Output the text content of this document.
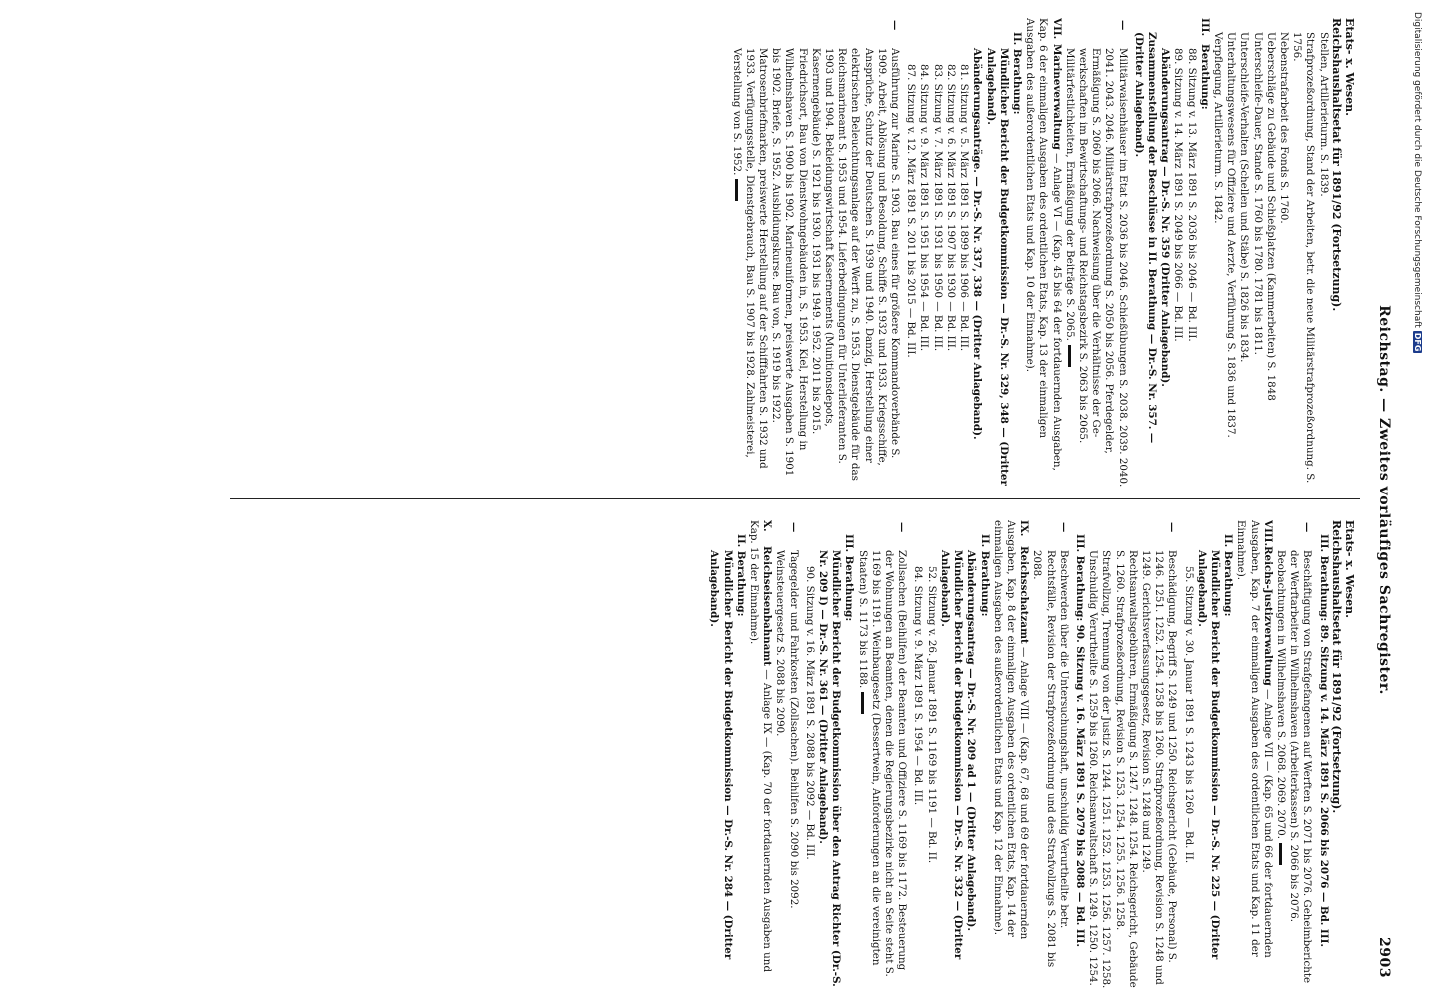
Reichstag. — Zweites vorläufiges Sachregister.
2903

Etats- x. Wesen.

Reichshaushaltsetat für 1891/92 (Fortsetzung).

Stellen, Artillerieturm. S. 1839.

Strafprozeßordnung, Stand der Arbeiten, betr. die neue Militärstrafprozeßordnung. S. 1756.

Nebenstrafarbeit des Fonds S. 1760.

Ueberschläge zu Gebäude und Schießplatzen (Kammerbeiten) S. 1848

Unterschleife-Dauer, Stande S. 1760 bis 1780. 1781 bis 1811.

Unterschleife-Verhalten (Schellen und Stäbe) S. 1826 bis 1834.

Unterhaltungswesens für Offiziere und Aerzte, Verführung S. 1836 und 1837.

Verpflegung, Artillerieturm. S. 1842.

III.Berathung:

88. Sitzung v. 13. März 1891 S. 2036 bis 2046 — Bd. III.

89. Sitzung v. 14. März 1891 S. 2049 bis 2066 — Bd. III.

Abänderungsantrag — Dr.-S. Nr. 359 (Dritter Anlageband).

Zusammenstellung der Beschlüsse in II. Berathung — Dr.-S. Nr. 357. — (Dritter Anlageband).

—
Militärwaisenhäuser im Etat S. 2036 bis 2046. Schießübungen S. 2038. 2039. 2040. 2041. 2043. 2046. Militärstrafprozeßordnung S. 2050 bis 2056. Pferdegelder, Ermäßigung S. 2060 bis 2066. Nachweisung über die Verhältnisse der Gewerkschaften im Bewirtschaftungs- und Reichstagsbezirk S. 2063 bis 2065. Militärfestlichkeiten, Ermäßigung der Beiträge S. 2065.

VII.Marineverwaltung — Anlage VI — (Kap. 45 bis 64 der fortdauernden Ausgaben, Kap. 6 der einmaligen Ausgaben des ordentlichen Etats, Kap. 13 der einmaligen Ausgaben des außerordentlichen Etats und Kap. 10 der Einnahme).

II. Berathung:

Mündlicher Bericht der Budgetkommission — Dr.-S. Nr. 329, 348 — (Dritter Anlageband).

Abänderungsanträge. — Dr.-S. Nr. 337, 338 — (Dritter Anlageband).

81. Sitzung v. 5. März 1891 S. 1899 bis 1906 — Bd. III.

82. Sitzung v. 6. März 1891 S. 1907 bis 1930 — Bd. III.

83. Sitzung v. 7. März 1891 S. 1931 bis 1950 — Bd. III.

84. Sitzung v. 9. März 1891 S. 1951 bis 1954 — Bd. III.

87. Sitzung v. 12. März 1891 S. 2011 bis 2015 — Bd. III.

—
Ausführung zur Marine S. 1903. Bau eines für größere Kommandoverbände S. 1909. Arbeit, Ablösung und Besoldung, Schiffe S. 1932 und 1933. Kriegsschiffe, Ansprüche, Schutz der Deutschen S. 1939 und 1940. Danzig, Herstellung einer elektrischen Beleuchtungsanlage auf der Werft zu, S. 1953. Dienstgebäude für das Reichsmarineamt S. 1953 und 1954. Lieferbedingungen für Unterlieferanten S. 1903 und 1904. Bekleidungswirtschaft Kasernements (Munitionsdepots, Kasernengebäude) S. 1921 bis 1930. 1931 bis 1949. 1952. 2011 bis 2015. Friedrichsort, Bau von Dienstwohngebäuden in, S. 1953. Kiel, Herstellung in Wilhelmshaven S. 1900 bis 1902. Marineuniformen, preiswerte Ausgaben S. 1901 bis 1902. Briefe, S. 1952. Ausbildungskurse. Bau von, S. 1919 bis 1922. Matrosenbriefmarken, preiswerte Herstellung auf der Schifffahrten S. 1932 und 1933. Verfügungsstelle, Dienstgebrauch, Bau S. 1907 bis 1928. Zahlmeisterei, Verstellung von S. 1952.

Etats- x. Wesen.

Reichshaushaltsetat für 1891/92 (Fortsetzung).

III. Berathung: 89. Sitzung v. 14. März 1891 S. 2066 bis 2076 — Bd. III.

—
Beschäftigung von Strafgefangenen auf Werften S. 2071 bis 2076. Geheimberichte der Werftarbeiter in Wilhelmshaven (Arbeiterkassen) S. 2066 bis 2076. Beobachtungen in Wilhelmshaven S. 2068. 2069. 2070.

VIII.Reichs-Justizverwaltung — Anlage VII — (Kap. 65 und 66 der fortdauernden Ausgaben, Kap. 7 der einmaligen Ausgaben des ordentlichen Etats und Kap. 11 der Einnahme).

II. Berathung:

Mündlicher Bericht der Budgetkommission — Dr.-S. Nr. 225 — (Dritter Anlageband).

55. Sitzung v. 30. Januar 1891 S. 1243 bis 1260 — Bd. II.

—
Beschädigung, Begriff S. 1249 und 1250. Reichsgericht (Gebäude, Personal) S. 1246. 1251. 1252. 1254. 1258 bis 1260. Strafprozeßordnung, Revision S. 1248 und 1249. Gerichtsverfassungsgesetz, Revision S. 1248 und 1249. Rechtsanwaltsgebühren, Ermäßigung S. 1247. 1248. 1254. Reichsgericht, Gebäude S. 1260. Strafprozeßordnung, Revision S. 1253. 1254. 1255. 1256. 1258. Strafvollzug, Trennung von der Justiz S. 1244. 1251. 1252. 1253. 1256. 1257. 1258. Unschuldig Verurtheilte S. 1259 bis 1260. Reichsanwaltschaft S. 1249. 1250. 1254.

III. Berathung: 90. Sitzung v. 16. März 1891 S. 2079 bis 2088 — Bd. III.

—
Beschwerden über die Untersuchungshaft, unschuldig Verurtheilte betr. Rechtsfälle, Revision der Strafprozeßordnung und des Strafvollzugs S. 2081 bis 2088.

IX.Reichsschatzamt — Anlage VIII — (Kap. 67, 68 und 69 der fortdauernden Ausgaben, Kap. 8 der einmaligen Ausgaben des ordentlichen Etats, Kap. 14 der einmaligen Ausgaben des außerordentlichen Etats und Kap. 12 der Einnahme).

II. Berathung:

Abänderungsantrag — Dr.-S. Nr. 209 ad 1 — (Dritter Anlageband).

Mündlicher Bericht der Budgetkommission — Dr.-S. Nr. 332 — (Dritter Anlageband).

52. Sitzung v. 26. Januar 1891 S. 1169 bis 1191 — Bd. II.

84. Sitzung v. 9. März 1891 S. 1954 — Bd. III.

—
Zollsachen (Beihilfen) der Beamten und Offiziere S. 1169 bis 1172. Besteuerung der Wohnungen an Beamten, denen die Regierungsbezirke nicht an Seite steht S. 1169 bis 1191. Weinbaugesetz (Dessertwein, Anforderungen an die vereinigten Staaten) S. 1173 bis 1188.

III. Berathung:

Mündlicher Bericht der Budgetkommission über den Antrag Richter (Dr.-S. Nr. 209 I) — Dr.-S. Nr. 361 — (Dritter Anlageband).

90. Sitzung v. 16. März 1891 S. 2088 bis 2092 — Bd. III.

—
Tagegelder und Fahrkosten (Zollsachen). Beihilfen S. 2090 bis 2092. Weinsteuergesetz S. 2088 bis 2090.

X.Reichseisenbahnamt — Anlage IX — (Kap. 70 der fortdauernden Ausgaben und Kap. 15 der Einnahme).

II. Berathung:

Mündlicher Bericht der Budgetkommission — Dr.-S. Nr. 284 — (Dritter Anlageband).

Digitalisierung gefördert durch die Deutsche ForschungsgemeinschaftDFG
